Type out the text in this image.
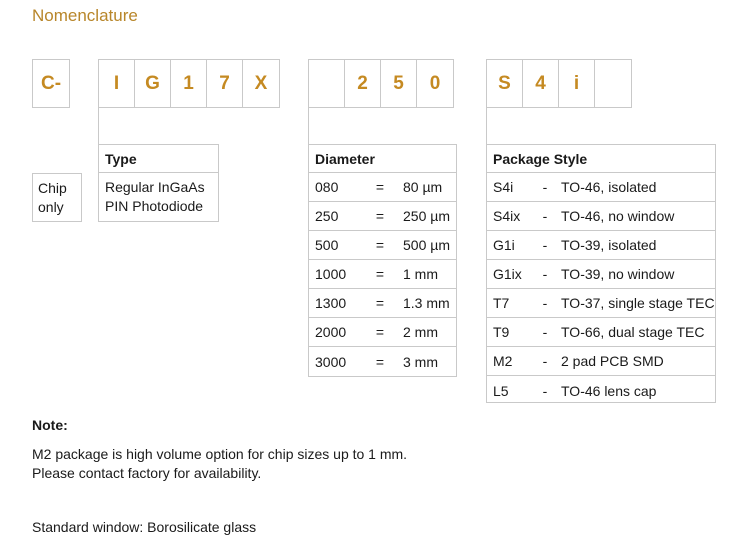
Nomenclature
C-	I	G	1	7	X	2	5	0	S	4	i
Chip
only
Type
Regular InGaAs
PIN Photodiode
Diameter
080	=	80 µm
250	=	250 µm
500	=	500 µm
1000	=	1 mm
1300	=	1.3 mm
2000	=	2 mm
3000	=	3 mm
Package Style
S4i	- TO-46, isolated
S4ix	- TO-46, no window
G1i	- TO-39, isolated
G1ix	- TO-39, no window
T7	- TO-37, single stage TEC
T9	- TO-66, dual stage TEC
M2	- 2 pad PCB SMD
L5	- TO-46 lens cap
Note:
M2 package is high volume option for chip sizes up to 1 mm.
Please contact factory for availability.
Standard window: Borosilicate glass
